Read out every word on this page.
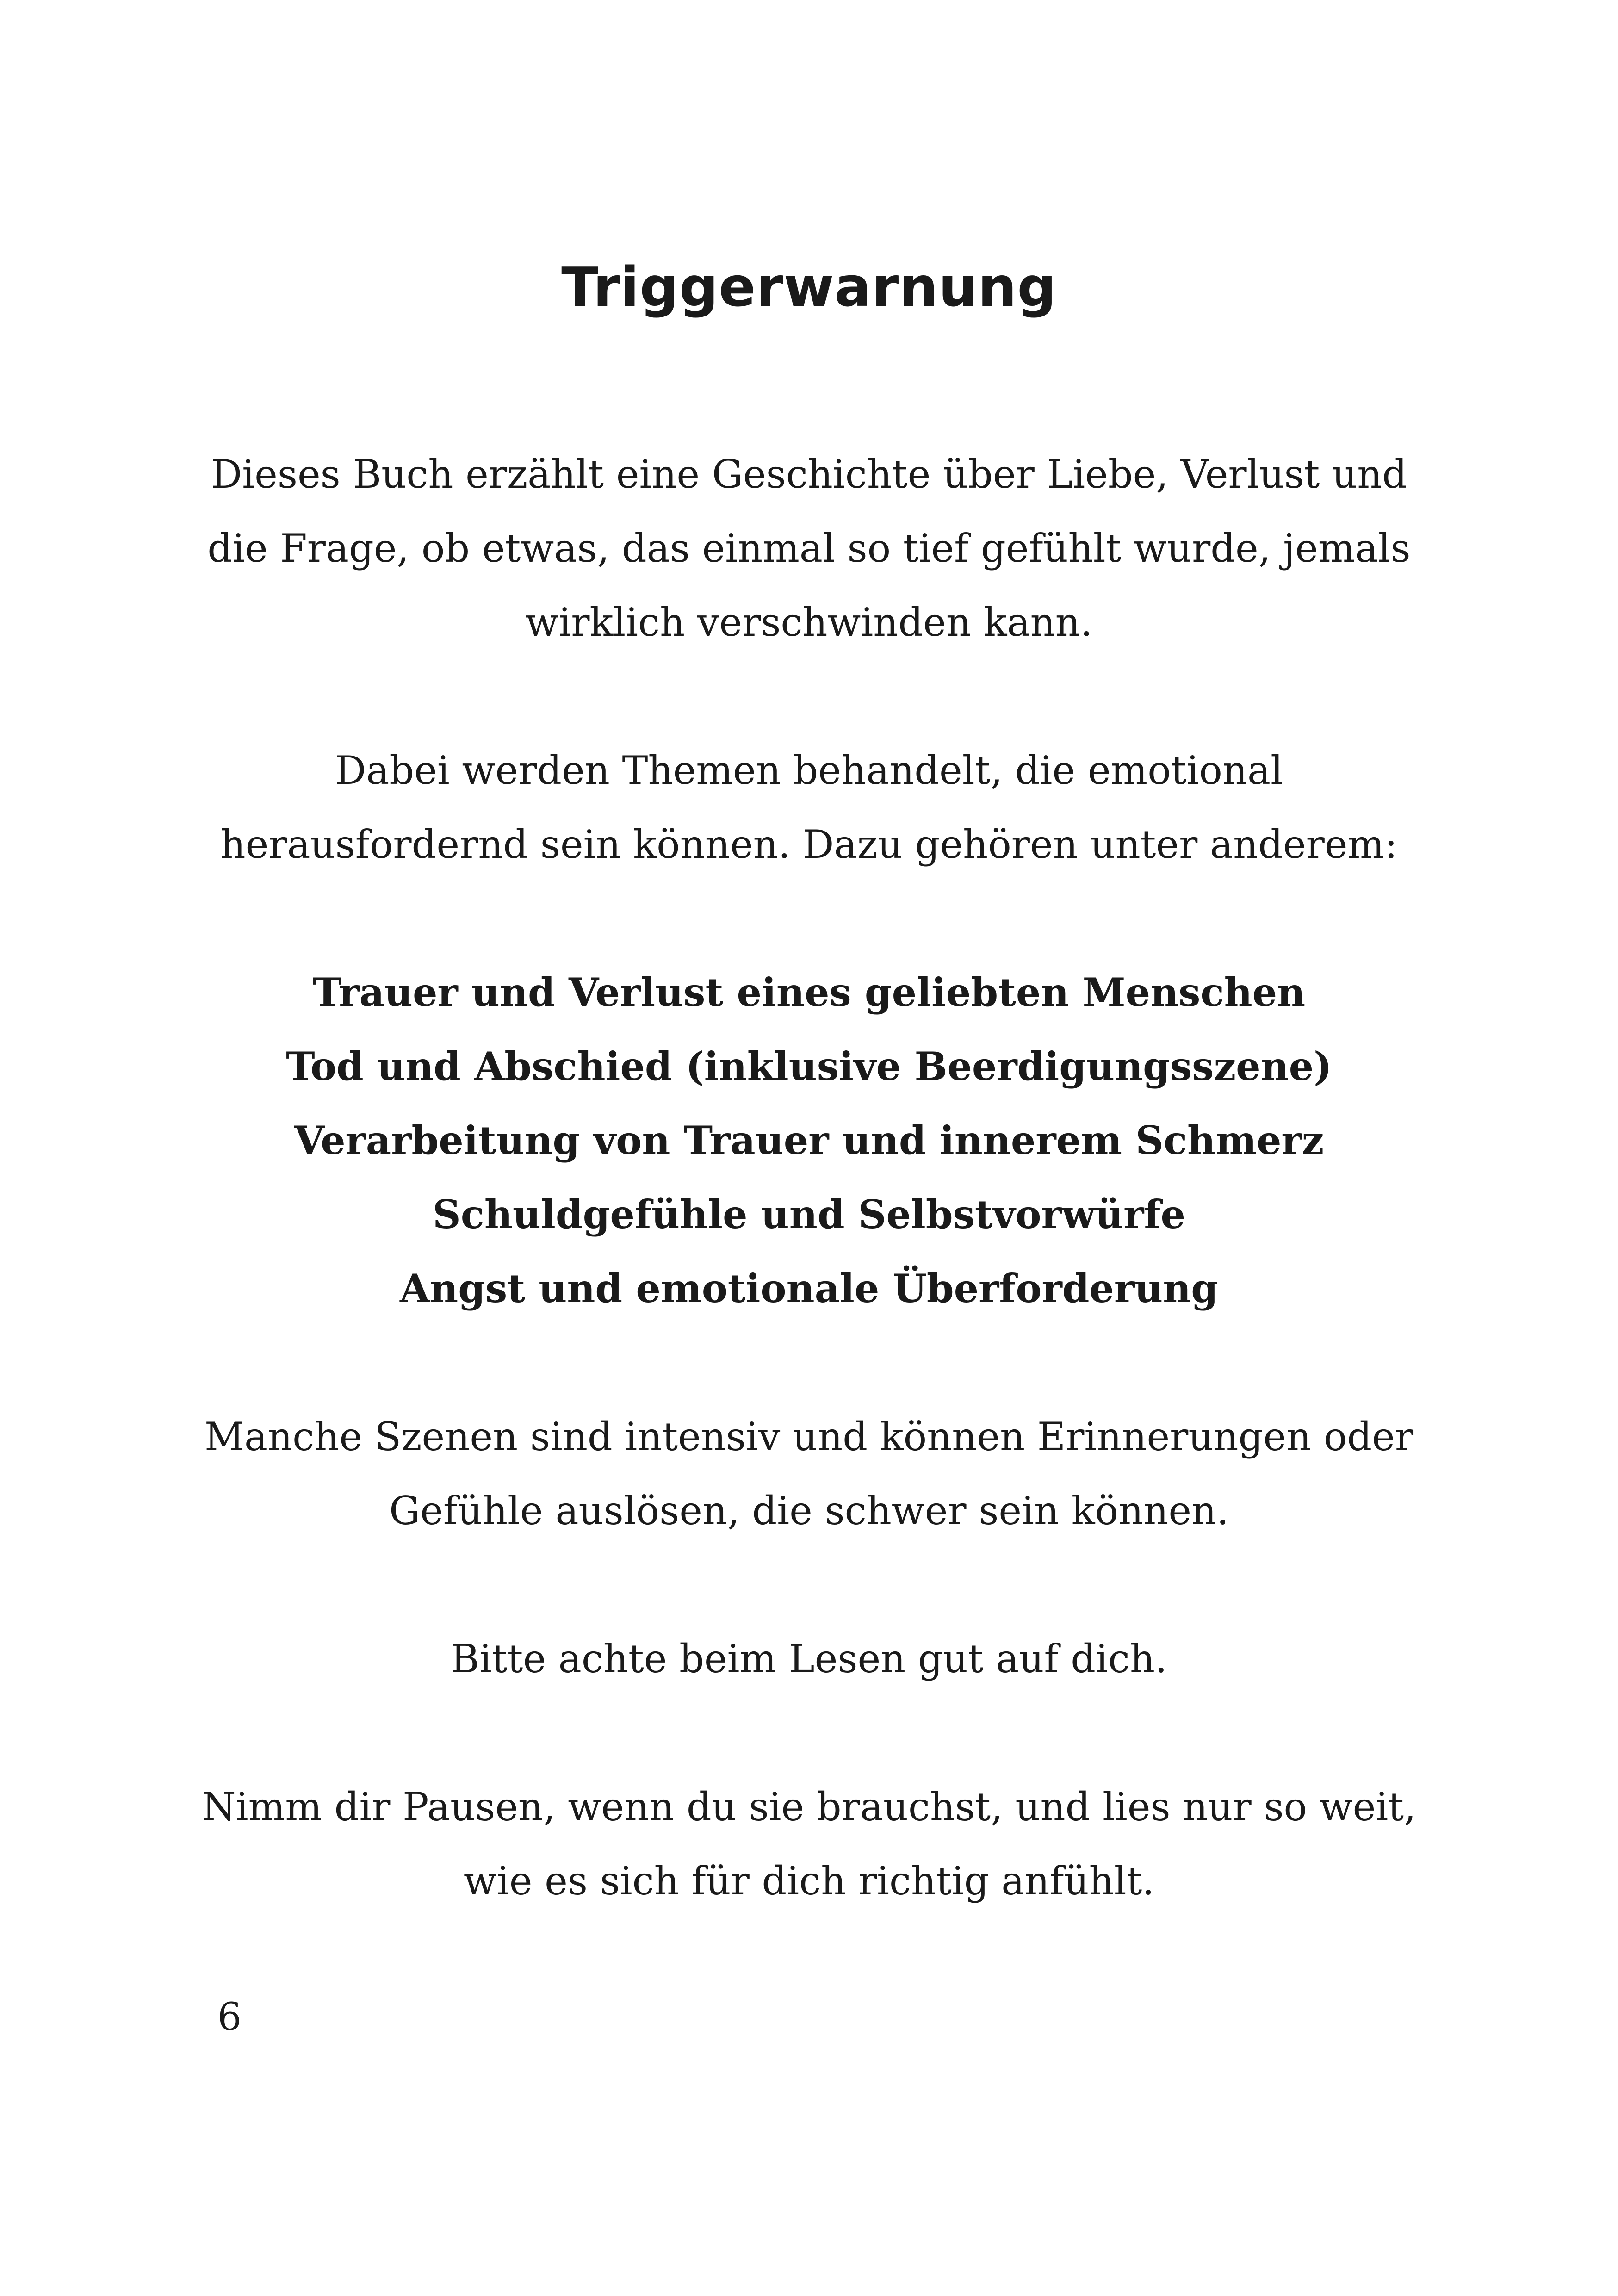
Triggerwarnung

Dieses Buch erzählt eine Geschichte über Liebe, Verlust und
die Frage, ob etwas, das einmal so tief gefühlt wurde, jemals
wirklich verschwinden kann.

Dabei werden Themen behandelt, die emotional
herausfordernd sein können. Dazu gehören unter anderem:

Trauer und Verlust eines geliebten Menschen
Tod und Abschied (inklusive Beerdigungsszene)
Verarbeitung von Trauer und innerem Schmerz
Schuldgefühle und Selbstvorwürfe
Angst und emotionale Überforderung

Manche Szenen sind intensiv und können Erinnerungen oder
Gefühle auslösen, die schwer sein können.

Bitte achte beim Lesen gut auf dich.

Nimm dir Pausen, wenn du sie brauchst, und lies nur so weit,
wie es sich für dich richtig anfühlt.

6
